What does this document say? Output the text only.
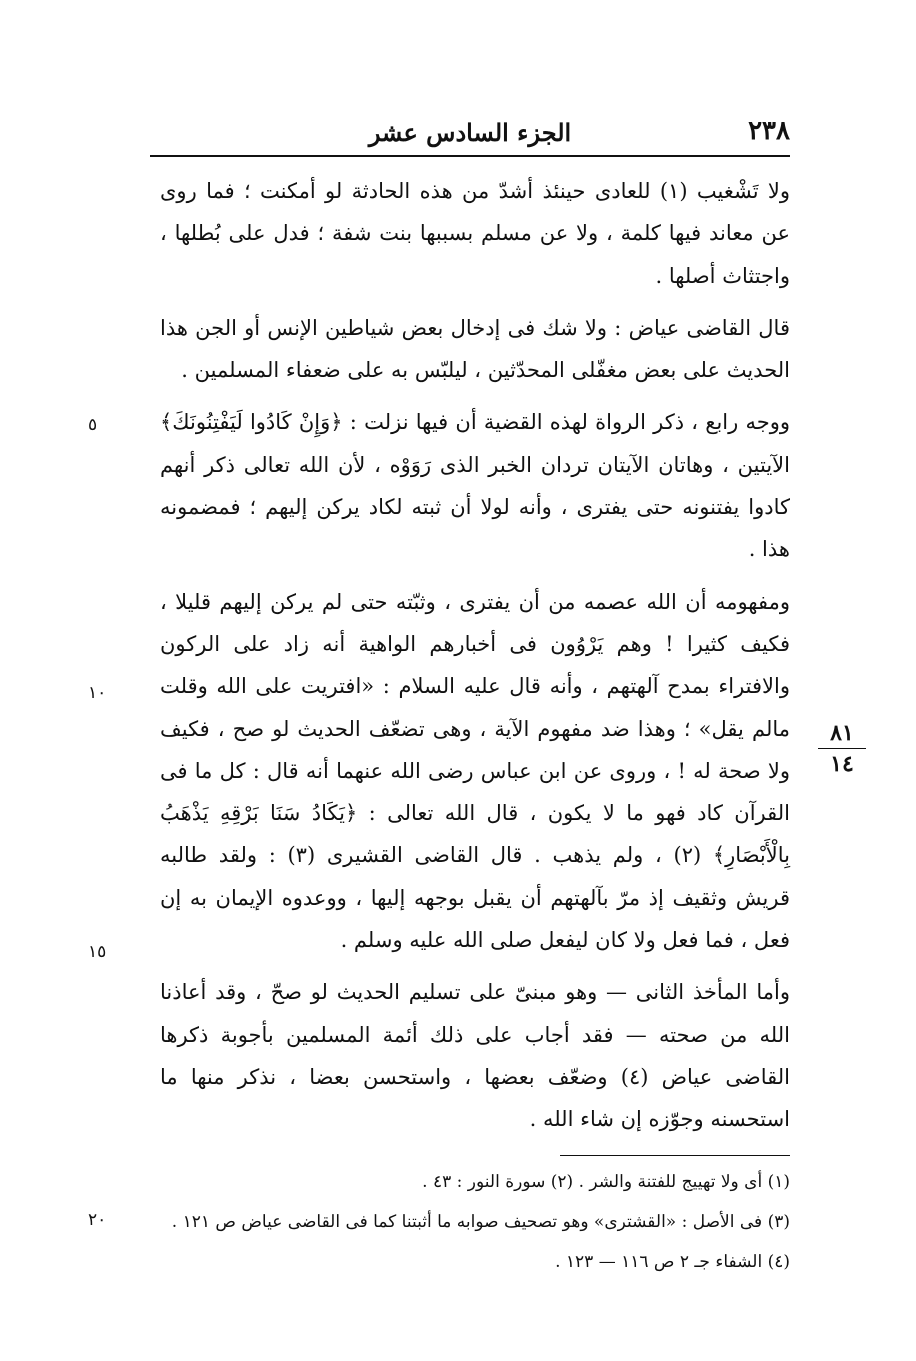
٢٣٨
الجزء السادس عشر

ولا تَشْغيب (١) للعادى حينئذ أشدّ من هذه الحادثة لو أمكنت ؛ فما روى عن معاند فيها كلمة ، ولا عن مسلم بسببها بنت شفة ؛ فدل على بُطلها ، واجتثاث أصلها .

قال القاضى عياض : ولا شك فى إدخال بعض شياطين الإنس أو الجن هذا الحديث على بعض مغفّلى المحدّثين ، ليلبّس به على ضعفاء المسلمين .

ووجه رابع ، ذكر الرواة لهذه القضية أن فيها نزلت : ﴿وَإِنْ كَادُوا لَيَفْتِنُونَكَ﴾ الآيتين ، وهاتان الآيتان تردان الخبر الذى رَوَوْه ، لأن الله تعالى ذكر أنهم كادوا يفتنونه حتى يفترى ، وأنه لولا أن ثبته لكاد يركن إليهم ؛ فمضمونه هذا .

ومفهومه أن الله عصمه من أن يفترى ، وثبّته حتى لم يركن إليهم قليلا ، فكيف كثيرا ! وهم يَرْوُون فى أخبارهم الواهية أنه زاد على الركون والافتراء بمدح آلهتهم ، وأنه قال عليه السلام : «افتريت على الله وقلت مالم يقل» ؛ وهذا ضد مفهوم الآية ، وهى تضعّف الحديث لو صح ، فكيف ولا صحة له ! ، وروى عن ابن عباس رضى الله عنهما أنه قال : كل ما فى القرآن كاد فهو ما لا يكون ، قال الله تعالى : ﴿يَكَادُ سَنَا بَرْقِهِ يَذْهَبُ بِالْأَبْصَارِ﴾ (٢) ، ولم يذهب . قال القاضى القشيرى (٣) : ولقد طالبه قريش وثقيف إذ مرّ بآلهتهم أن يقبل بوجهه إليها ، ووعدوه الإيمان به إن فعل ، فما فعل ولا كان ليفعل صلى الله عليه وسلم .

وأما المأخذ الثانى — وهو مبنىّ على تسليم الحديث لو صحّ ، وقد أعاذنا الله من صحته — فقد أجاب على ذلك أئمة المسلمين بأجوبة ذكرها القاضى عياض (٤) وضعّف بعضها ، واستحسن بعضا ، نذكر منها ما استحسنه وجوّزه إن شاء الله .

٥
١٠
١٥
٢٠
٨١
١٤
(١) أى ولا تهييج للفتنة والشر . (٢) سورة النور : ٤٣ .
(٣) فى الأصل : «القشترى» وهو تصحيف صوابه ما أثبتنا كما فى القاضى عياض ص ١٢١ .
(٤) الشفاء جـ ٢ ص ١١٦ — ١٢٣ .
